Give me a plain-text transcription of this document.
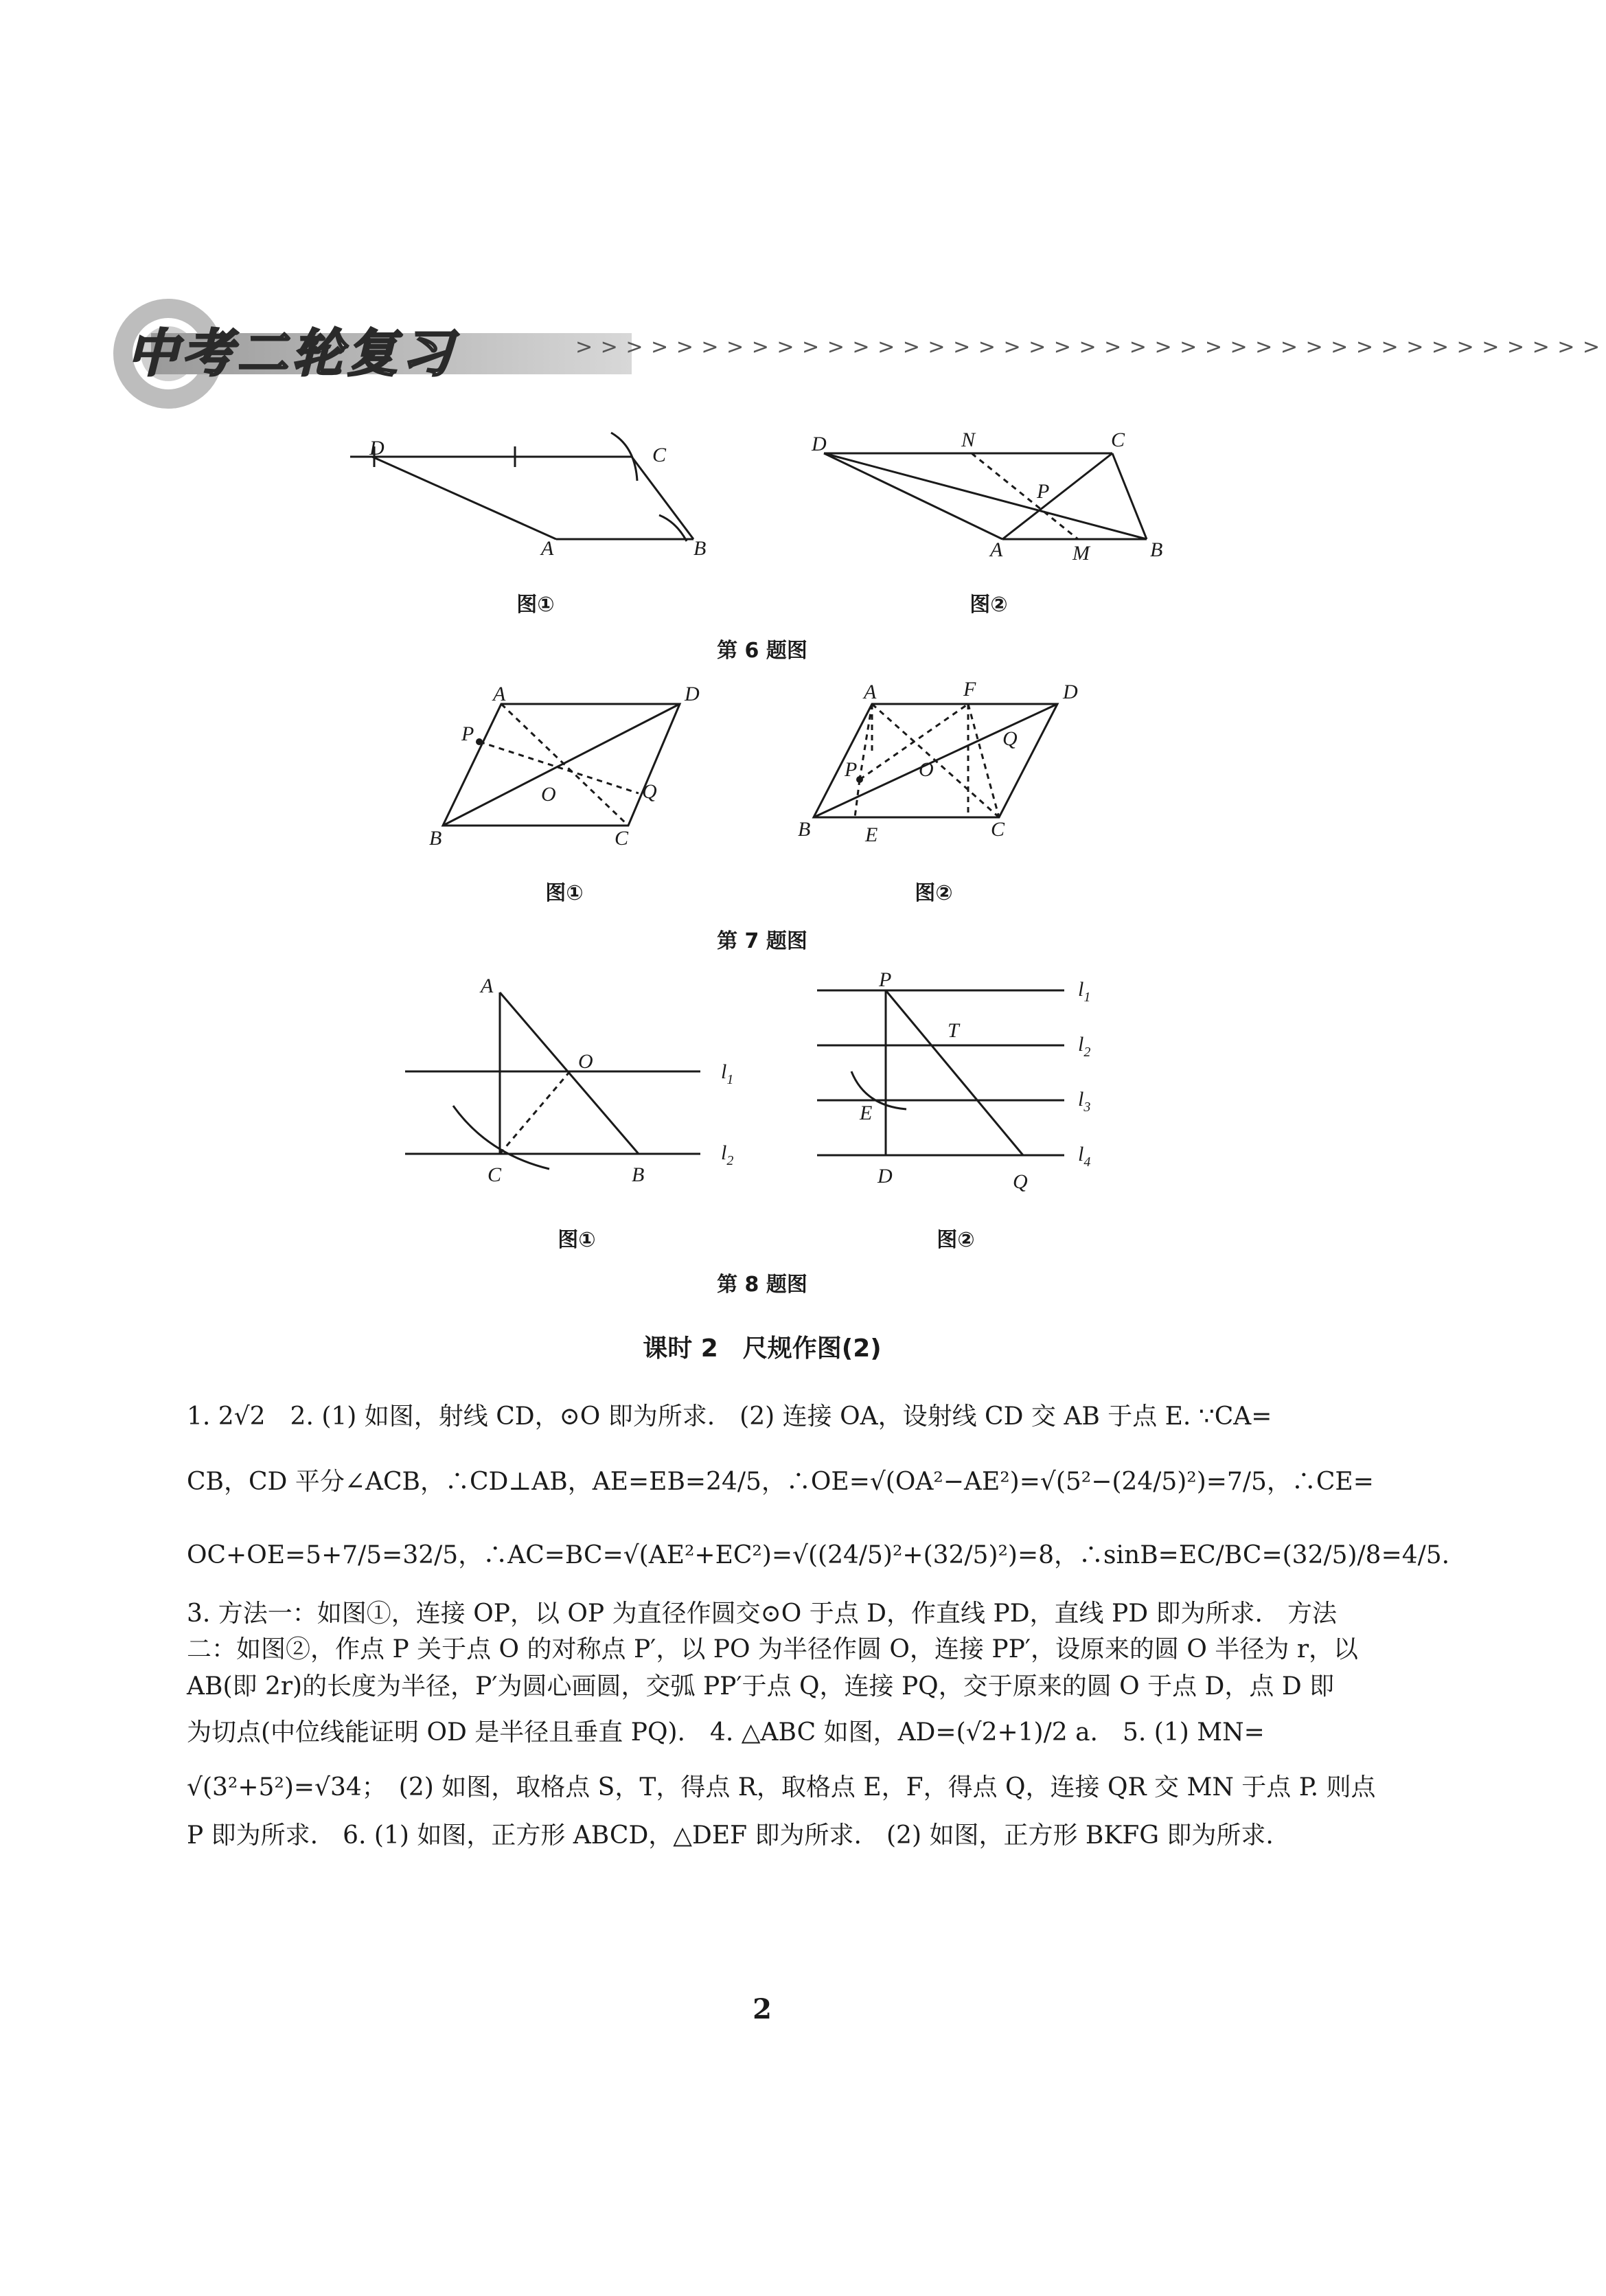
中考二轮复习	> > > > > > > > > > > > > > > > > > > > > > > > > > > > > > > > > > > > > > > > >
D	C
A	B
图①
D	N	C
P
A	M	B
图②
第 6 题图
A	D
P
O	Q
B	C
图①
A	F	D
Q
P	O
B	E	C
图②
第 7 题图
A
O	$l_1$
C	B
$l_2$
图①
P
T
E
D	Q
$l_1$
$l_2$
$l_3$
$l_4$
图②
第 8 题图
课时 2　尺规作图(2)
1. 2√2　2. (1) 如图，射线 CD，⊙O 即为所求.　(2) 连接 OA，设射线 CD 交 AB 于点 E. ∵CA=
CB，CD 平分∠ACB，∴CD⊥AB，AE=EB=24/5，∴OE=√(OA²−AE²)=√(5²−(24/5)²)=7/5，∴CE=
OC+OE=5+7/5=32/5，∴AC=BC=√(AE²+EC²)=√((24/5)²+(32/5)²)=8，∴sinB=EC/BC=(32/5)/8=4/5.
3. 方法一：如图①，连接 OP，以 OP 为直径作圆交⊙O 于点 D，作直线 PD，直线 PD 即为所求.　方法
二：如图②，作点 P 关于点 O 的对称点 P′，以 PO 为半径作圆 O，连接 PP′，设原来的圆 O 半径为 r，以
AB(即 2r)的长度为半径，P′为圆心画圆，交弧 PP′于点 Q，连接 PQ，交于原来的圆 O 于点 D，点 D 即
为切点(中位线能证明 OD 是半径且垂直 PQ).　4. △ABC 如图，AD=(√2+1)/2 a.　5. (1) MN=
√(3²+5²)=√34；　(2) 如图，取格点 S，T，得点 R，取格点 E，F，得点 Q，连接 QR 交 MN 于点 P. 则点
P 即为所求.　6. (1) 如图，正方形 ABCD，△DEF 即为所求.　(2) 如图，正方形 BKFG 即为所求.
2
